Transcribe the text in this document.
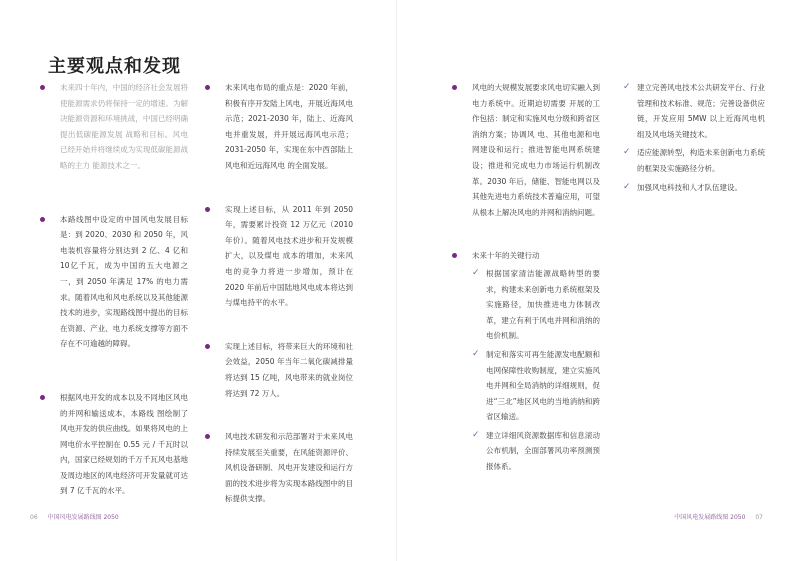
主要观点和发现

未来四十年内，中国的经济社会发展将使能源需求仍将保持一定的增速。为解决能源资源和环境挑战，中国已经明确提出低碳能源发展 战略和目标。风电已经开始并将继续成为实现低碳能源战略的主力 能源技术之一。

本路线图中设定的中国风电发展目标是：到 2020、2030 和 2050 年，风电装机容量将分别达到 2 亿、4 亿和 10亿千瓦，成为中国的五大电源之一，到 2050 年满足 17% 的电力需求。随着风电和风电系统以及其他能源技术的进步，实现路线图中提出的目标在资源、产业、电力系统支撑等方面不存在不可逾越的障碍。

根据风电开发的成本以及不同地区风电的并网和输送成本，本路线 图绘制了风电开发的供应曲线。如果将风电的上网电价水平控制在 0.55 元 / 千瓦时以内，国家已经规划的千万千瓦风电基地及周边地区的风电经济可开发量就可达到 7 亿千瓦的水平。

未来风电布局的重点是：2020 年前，积极有序开发陆上风电，开展近海风电示范；2021-2030 年，陆上、近海风电并重发展，并开展远海风电示范；2031-2050 年，实现在东中西部陆上风电和近远海风电 的全面发展。

实现上述目标，从 2011 年到 2050 年，需要累计投资 12 万亿元（2010 年价）。随着风电技术进步和开发规模扩大，以及煤电 成本的增加，未来风电的竞争力将进一步增加，预计在 2020 年前后中国陆地风电成本将达到与煤电持平的水平。

实现上述目标，将带来巨大的环境和社会效益，2050 年当年二氧化碳减排量将达到 15 亿吨，风电带来的就业岗位将达到 72 万人。

风电技术研发和示范部署对于未来风电持续发展至关重要，在风能资源评价、风机设备研制、风电开发建设和运行方面的技术进步将为实现本路线图中的目标提供支撑。

06 中国风电发展路线图 2050

风电的大规模发展要求风电切实融入到电力系统中。近期迫切需要 开展的工作包括：制定和实施风电分级和跨省区消纳方案；协调风 电、其他电源和电网建设和运行；推进智能电网系统建设；推进和完成电力市场运行机制改 革。2030 年后，储能、智能电网以及其他先进电力系统技术普遍应用，可望从根本上解决风电的并网和消纳问题。

未来十年的关键行动

✓ 根据国家清洁能源战略转型的要求，构建未来创新电力系统框架及实施路径，加快推进电力体制改革，建立有利于风电并网和消纳的电价机制。

✓ 制定和落实可再生能源发电配额和电网保障性收购制度，建立实施风电并网和全局消纳的详细规则，促进“三北”地区风电的当地消纳和跨省区输送。

✓ 建立详细风资源数据库和信息滚动公布机制，全面部署风功率预测预报体系。

✓ 建立完善风电技术公共研发平台、行业管理和技术标准、规范；完善设备供应链，开发应用 5MW 以上近海风电机组及风电场关键技术。

✓ 适应能源转型，构造未来创新电力系统的框架及实施路径分析。

✓ 加强风电科技和人才队伍建设。

中国风电发展路线图 2050 07
